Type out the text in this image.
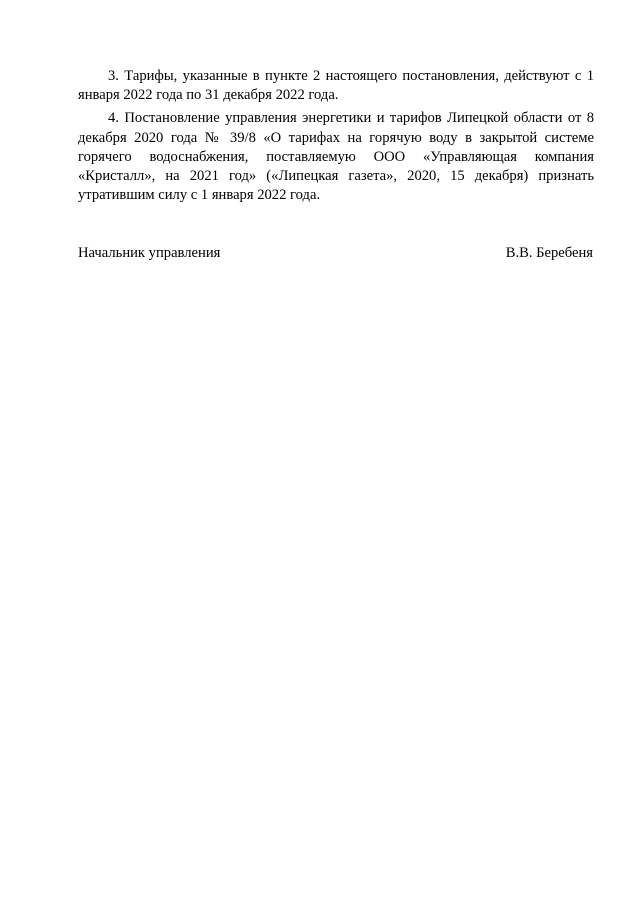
3. Тарифы, указанные в пункте 2 настоящего постановления, действуют с 1 января 2022 года по 31 декабря 2022 года.

4. Постановление управления энергетики и тарифов Липецкой области от 8 декабря 2020 года № 39/8 «О тарифах на горячую воду в закрытой системе горячего водоснабжения, поставляемую ООО «Управляющая компания «Кристалл», на 2021 год» («Липецкая газета», 2020, 15 декабря) признать утратившим силу с 1 января 2022 года.

Начальник управления	В.В. Беребеня
